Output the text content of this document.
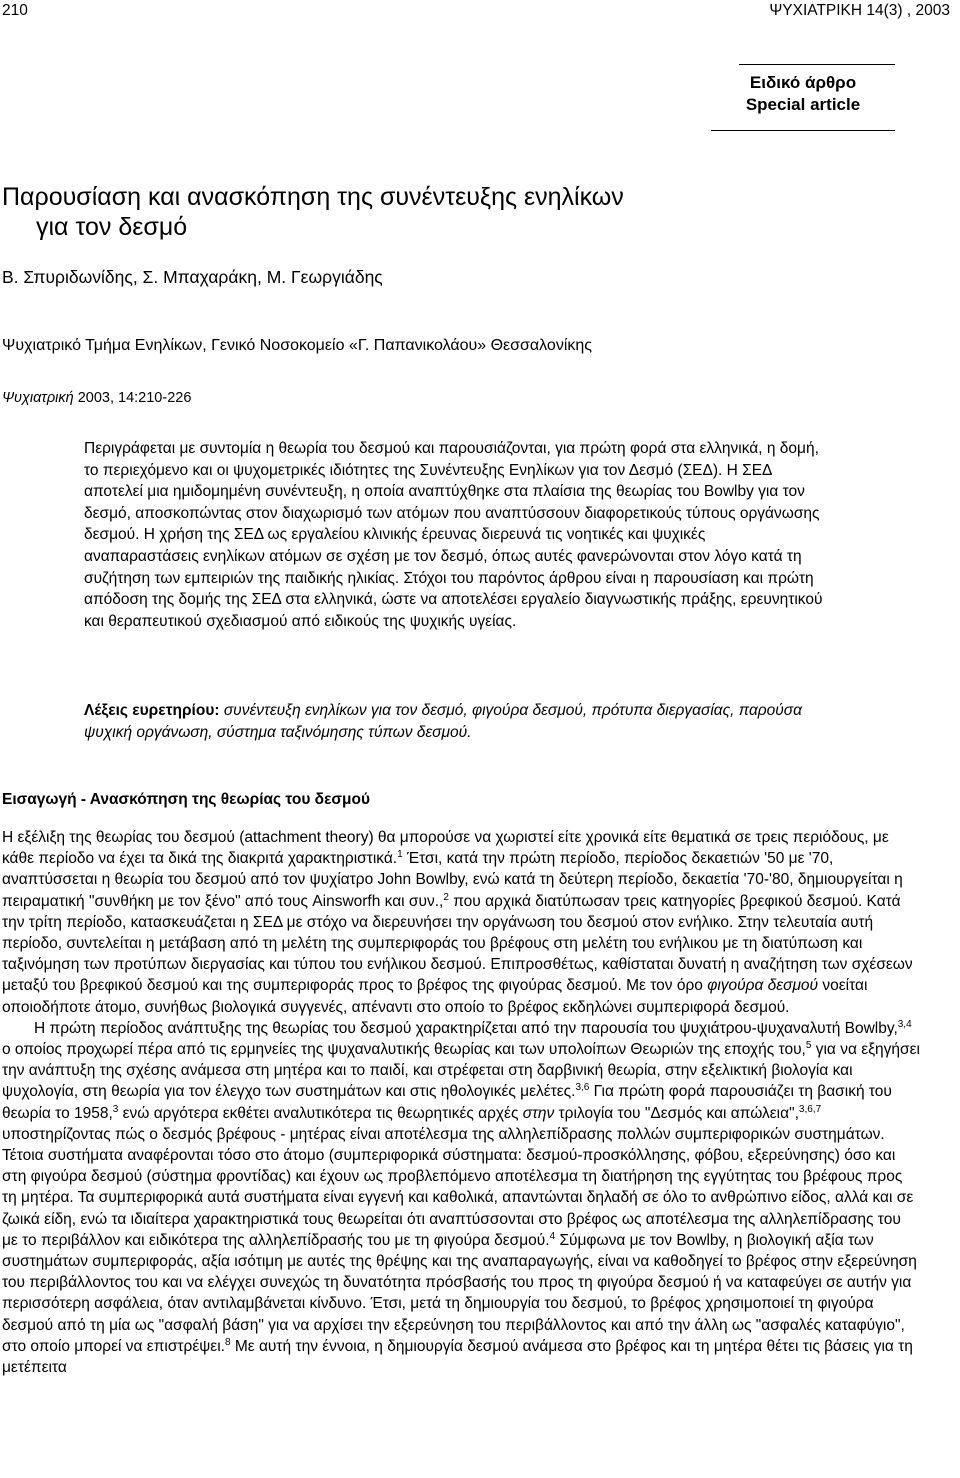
210	ΨΥΧΙΑΤΡΙΚΗ 14(3) , 2003
Ειδικό άρθρο
Special article
Παρουσίαση και ανασκόπηση της συνέντευξης ενηλίκων
για τον δεσμό
Β. Σπυριδωνίδης, Σ. Μπαχαράκη, Μ. Γεωργιάδης
Ψυχιατρικό Τμήμα Ενηλίκων, Γενικό Νοσοκομείο «Γ. Παπανικολάου» Θεσσαλονίκης
Ψυχιατρική 2003, 14:210-226

Περιγράφεται με συντομία η θεωρία του δεσμού και παρουσιάζονται, για πρώτη φορά στα ελληνικά, η δομή, το περιεχόμενο και οι ψυχομετρικές ιδιότητες της Συνέντευξης Ενηλίκων για τον Δεσμό (ΣΕΔ). Η ΣΕΔ αποτελεί μια ημιδομημένη συνέντευξη, η οποία αναπτύχθηκε στα πλαίσια της θεωρίας του Bowlby για τον δεσμό, αποσκοπώντας στον διαχωρισμό των ατόμων που αναπτύσσουν διαφορετικούς τύπους οργάνωσης δεσμού. Η χρήση της ΣΕΔ ως εργαλείου κλινικής έρευνας διερευνά τις νοητικές και ψυχικές αναπαραστάσεις ενηλίκων ατόμων σε σχέση με τον δεσμό, όπως αυτές φανερώνονται στον λόγο κατά τη συζήτηση των εμπειριών της παιδικής ηλικίας. Στόχοι του παρόντος άρθρου είναι η παρουσίαση και πρώτη απόδοση της δομής της ΣΕΔ στα ελληνικά, ώστε να αποτελέσει εργαλείο διαγνωστικής πράξης, ερευνητικού και θεραπευτικού σχεδιασμού από ειδικούς της ψυχικής υγείας.

Λέξεις ευρετηρίου: συνέντευξη ενηλίκων για τον δεσμό, φιγούρα δεσμού, πρότυπα διεργασίας, παρούσα ψυχική οργάνωση, σύστημα ταξινόμησης τύπων δεσμού.

Εισαγωγή - Ανασκόπηση της θεωρίας του δεσμού

Η εξέλιξη της θεωρίας του δεσμού (attachment theory) θα μπορούσε να χωριστεί είτε χρονικά είτε θεματικά σε τρεις περιόδους, με κάθε περίοδο να έχει τα δικά της διακριτά χαρακτηριστικά.$^1$ Έτσι, κατά την πρώτη περίοδο, περίοδος δεκαετιών '50 με '70, αναπτύσσεται η θεωρία του δεσμού από τον ψυχίατρο John Bowlby, ενώ κατά τη δεύτερη περίοδο, δεκαετία '70-'80, δημιουργείται η πειραματική "συνθήκη με τον ξένο" από τους Ainsworfh και συν.,$^2$ που αρχικά διατύπωσαν τρεις κατηγορίες βρεφικού δεσμού. Κατά την τρίτη περίοδο, κατασκευάζεται η ΣΕΔ με στόχο να διερευνήσει την οργάνωση του δεσμού στον ενήλικο. Στην τελευταία αυτή περίοδο, συντελείται η μετάβαση από τη μελέτη της συμπεριφοράς του βρέφους στη μελέτη του ενήλικου με τη διατύπωση και ταξινόμηση των προτύπων διεργασίας και τύπου του ενήλικου δεσμού. Επιπροσθέτως, καθίσταται δυνατή η αναζήτηση των σχέσεων μεταξύ του βρεφικού δεσμού και της συμπεριφοράς προς το βρέφος της φιγούρας δεσμού. Με τον όρο φιγούρα δεσμού νοείται οποιοδήποτε άτομο, συνήθως βιολογικά συγγενές, απέναντι στο οποίο το βρέφος εκδηλώνει συμπεριφορά δεσμού.

Η πρώτη περίοδος ανάπτυξης της θεωρίας του δεσμού χαρακτηρίζεται από την παρουσία του ψυχιάτρου-ψυχαναλυτή Bowlby,$^{3,4}$ ο οποίος προχωρεί πέρα από τις ερμηνείες της ψυχαναλυτικής θεωρίας και των υπολοίπων Θεωριών της εποχής του,$^5$ για να εξηγήσει την ανάπτυξη της σχέσης ανάμεσα στη μητέρα και το παιδί, και στρέφεται στη δαρβινική θεωρία, στην εξελικτική βιολογία και ψυχολογία, στη θεωρία για τον έλεγχο των συστημάτων και στις ηθολογικές μελέτες.$^{3,6}$ Για πρώτη φορά παρουσιάζει τη βασική του θεωρία το 1958,$^3$ ενώ αργότερα εκθέτει αναλυτικότερα τις θεωρητικές αρχές στην τριλογία του "Δεσμός και απώλεια",$^{3,6,7}$ υποστηρίζοντας πώς ο δεσμός βρέφους - μητέρας είναι αποτέλεσμα της αλληλεπίδρασης πολλών συμπεριφορικών συστημάτων. Τέτοια συστήματα αναφέρονται τόσο στο άτομο (συμπεριφορικά σύστηματα: δεσμού-προσκόλλησης, φόβου, εξερεύνησης) όσο και στη φιγούρα δεσμού (σύστημα φροντίδας) και έχουν ως προβλεπόμενο αποτέλεσμα τη διατήρηση της εγγύτητας του βρέφους προς τη μητέρα. Τα συμπεριφορικά αυτά συστήματα είναι εγγενή και καθολικά, απαντώνται δηλαδή σε όλο το ανθρώπινο είδος, αλλά και σε ζωικά είδη, ενώ τα ιδιαίτερα χαρακτηριστικά τους θεωρείται ότι αναπτύσσονται στο βρέφος ως αποτέλεσμα της αλληλεπίδρασης του με το περιβάλλον και ειδικότερα της αλληλεπίδρασής του με τη φιγούρα δεσμού.$^4$ Σύμφωνα με τον Bowlby, η βιολογική αξία των συστημάτων συμπεριφοράς, αξία ισότιμη με αυτές της θρέψης και της αναπαραγωγής, είναι να καθοδηγεί το βρέφος στην εξερεύνηση του περιβάλλοντος του και να ελέγχει συνεχώς τη δυνατότητα πρόσβασής του προς τη φιγούρα δεσμού ή να καταφεύγει σε αυτήν για περισσότερη ασφάλεια, όταν αντιλαμβάνεται κίνδυνο. Έτσι, μετά τη δημιουργία του δεσμού, το βρέφος χρησιμοποιεί τη φιγούρα δεσμού από τη μία ως "ασφαλή βάση" για να αρχίσει την εξερεύνηση του περιβάλλοντος και από την άλλη ως "ασφαλές καταφύγιο", στο οποίο μπορεί να επιστρέψει.$^8$ Με αυτή την έννοια, η δημιουργία δεσμού ανάμεσα στο βρέφος και τη μητέρα θέτει τις βάσεις για τη μετέπειτα
